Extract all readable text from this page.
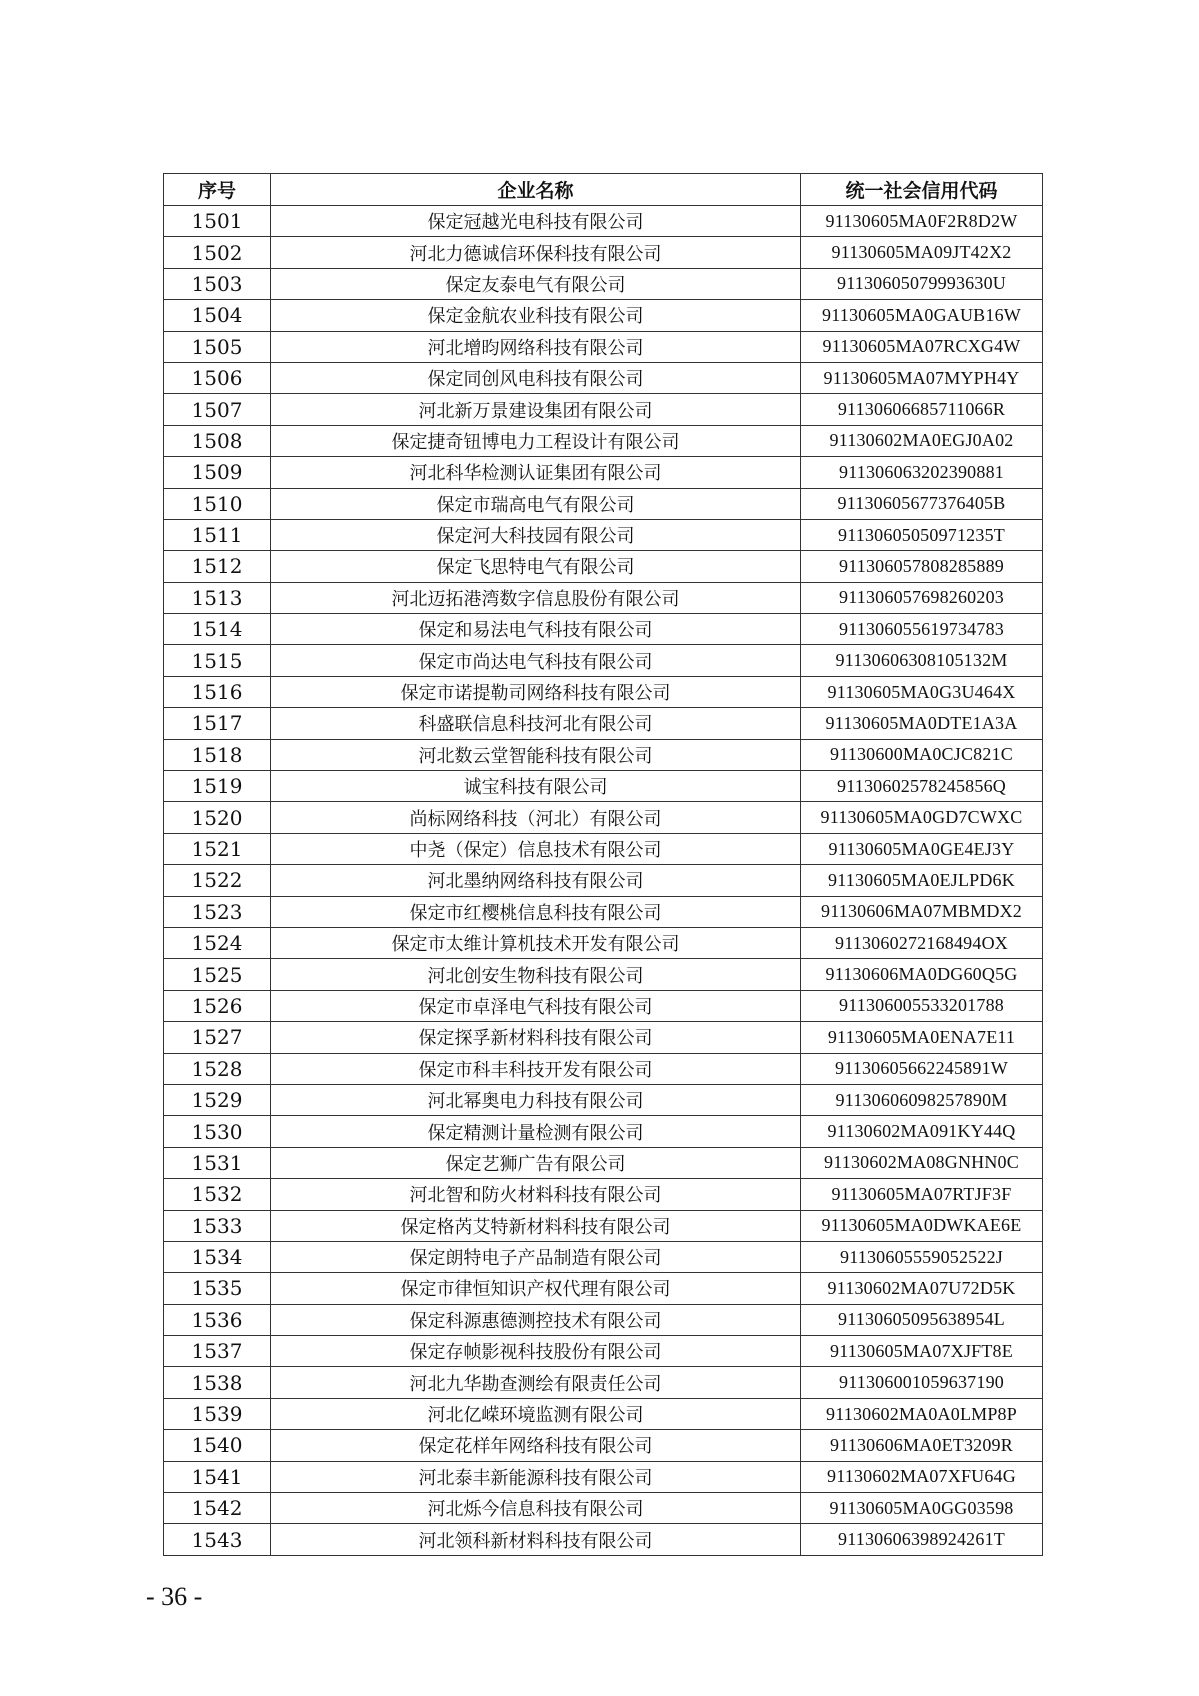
序号	企业名称	统一社会信用代码
1501	保定冠越光电科技有限公司	91130605MA0F2R8D2W
1502	河北力德诚信环保科技有限公司	91130605MA09JT42X2
1503	保定友泰电气有限公司	91130605079993630U
1504	保定金航农业科技有限公司	91130605MA0GAUB16W
1505	河北增昀网络科技有限公司	91130605MA07RCXG4W
1506	保定同创风电科技有限公司	91130605MA07MYPH4Y
1507	河北新万景建设集团有限公司	91130606685711066R
1508	保定捷奇钮博电力工程设计有限公司	91130602MA0EGJ0A02
1509	河北科华检测认证集团有限公司	911306063202390881
1510	保定市瑞高电气有限公司	91130605677376405B
1511	保定河大科技园有限公司	91130605050971235T
1512	保定飞思特电气有限公司	911306057808285889
1513	河北迈拓港湾数字信息股份有限公司	911306057698260203
1514	保定和易法电气科技有限公司	911306055619734783
1515	保定市尚达电气科技有限公司	91130606308105132M
1516	保定市诺提勒司网络科技有限公司	91130605MA0G3U464X
1517	科盛联信息科技河北有限公司	91130605MA0DTE1A3A
1518	河北数云堂智能科技有限公司	91130600MA0CJC821C
1519	诚宝科技有限公司	91130602578245856Q
1520	尚标网络科技（河北）有限公司	91130605MA0GD7CWXC
1521	中尧（保定）信息技术有限公司	91130605MA0GE4EJ3Y
1522	河北墨纳网络科技有限公司	91130605MA0EJLPD6K
1523	保定市红樱桃信息科技有限公司	91130606MA07MBMDX2
1524	保定市太维计算机技术开发有限公司	9113060272168494OX
1525	河北创安生物科技有限公司	91130606MA0DG60Q5G
1526	保定市卓泽电气科技有限公司	911306005533201788
1527	保定探孚新材料科技有限公司	91130605MA0ENA7E11
1528	保定市科丰科技开发有限公司	91130605662245891W
1529	河北幂奥电力科技有限公司	91130606098257890M
1530	保定精测计量检测有限公司	91130602MA091KY44Q
1531	保定艺狮广告有限公司	91130602MA08GNHN0C
1532	河北智和防火材料科技有限公司	91130605MA07RTJF3F
1533	保定格芮艾特新材料科技有限公司	91130605MA0DWKAE6E
1534	保定朗特电子产品制造有限公司	91130605559052522J
1535	保定市律恒知识产权代理有限公司	91130602MA07U72D5K
1536	保定科源惠德测控技术有限公司	91130605095638954L
1537	保定存帧影视科技股份有限公司	91130605MA07XJFT8E
1538	河北九华勘查测绘有限责任公司	911306001059637190
1539	河北亿嵘环境监测有限公司	91130602MA0A0LMP8P
1540	保定花样年网络科技有限公司	91130606MA0ET3209R
1541	河北泰丰新能源科技有限公司	91130602MA07XFU64G
1542	河北烁今信息科技有限公司	91130605MA0GG03598
1543	河北领科新材料科技有限公司	91130606398924261T
- 36 -
